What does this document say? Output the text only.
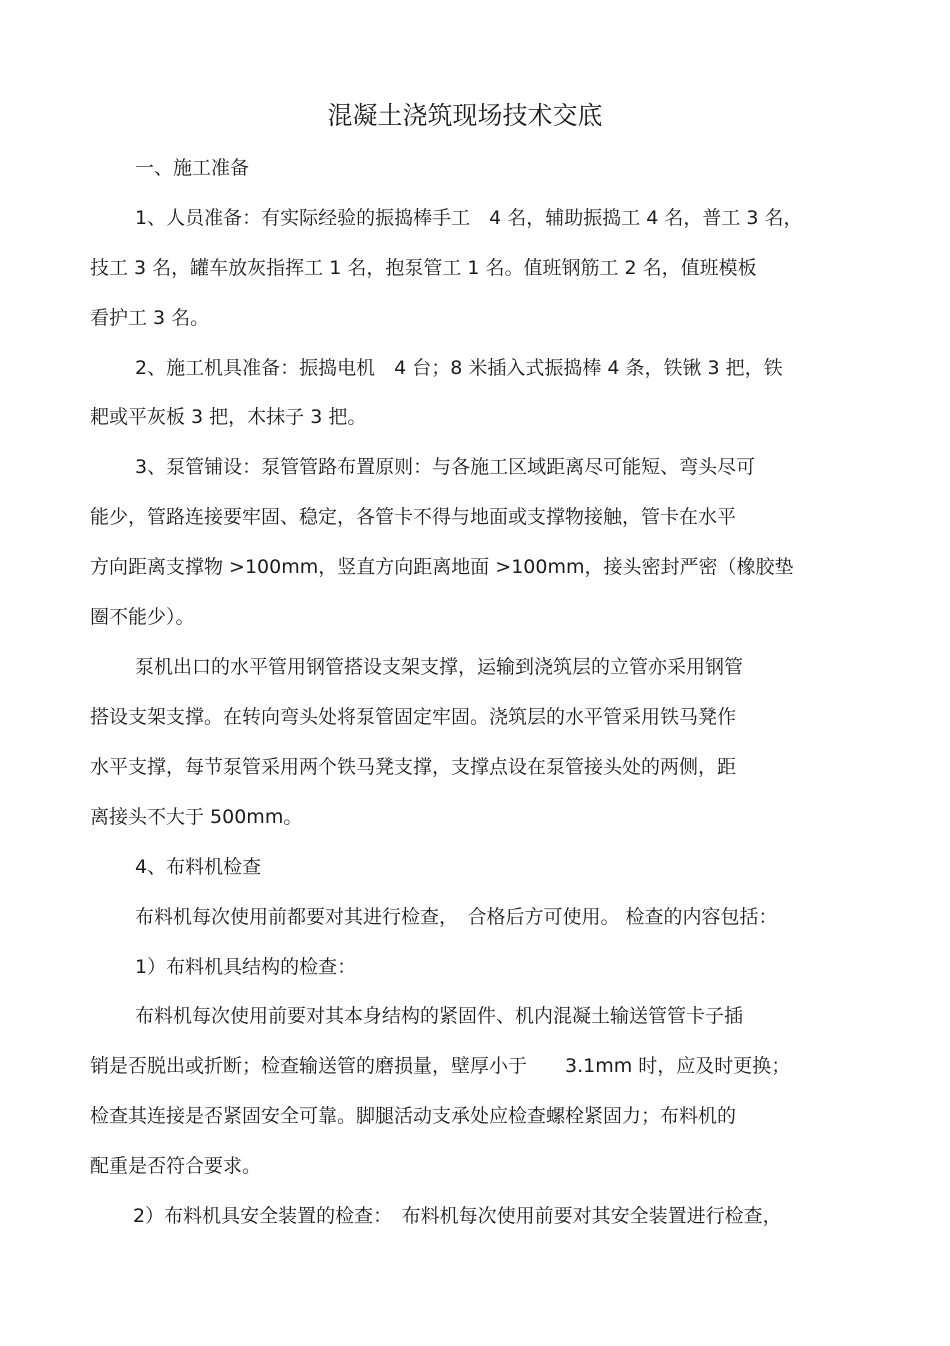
混凝土浇筑现场技术交底
一、施工准备
1、人员准备：有实际经验的振捣棒手工　4 名，辅助振捣工 4 名，普工 3 名，
技工 3 名，罐车放灰指挥工 1 名，抱泵管工 1 名。值班钢筋工 2 名，值班模板
看护工 3 名。
2、施工机具准备：振捣电机　4 台；8 米插入式振捣棒 4 条，铁锹 3 把，铁
耙或平灰板 3 把，木抹子 3 把。
3、泵管铺设：泵管管路布置原则：与各施工区域距离尽可能短、弯头尽可
能少，管路连接要牢固、稳定，各管卡不得与地面或支撑物接触，管卡在水平
方向距离支撑物 >100mm，竖直方向距离地面 >100mm，接头密封严密（橡胶垫
圈不能少）。
泵机出口的水平管用钢管搭设支架支撑，运输到浇筑层的立管亦采用钢管
搭设支架支撑。在转向弯头处将泵管固定牢固。浇筑层的水平管采用铁马凳作
水平支撑，每节泵管采用两个铁马凳支撑，支撑点设在泵管接头处的两侧，距
离接头不大于 500mm。
4、布料机检查
布料机每次使用前都要对其进行检查，　合格后方可使用。 检查的内容包括：
1）布料机具结构的检查：
布料机每次使用前要对其本身结构的紧固件、机内混凝土输送管管卡子插
销是否脱出或折断；检查输送管的磨损量，壁厚小于　　3.1mm 时，应及时更换；
检查其连接是否紧固安全可靠。脚腿活动支承处应检查螺栓紧固力；布料机的
配重是否符合要求。
2）布料机具安全装置的检查：　布料机每次使用前要对其安全装置进行检查，
